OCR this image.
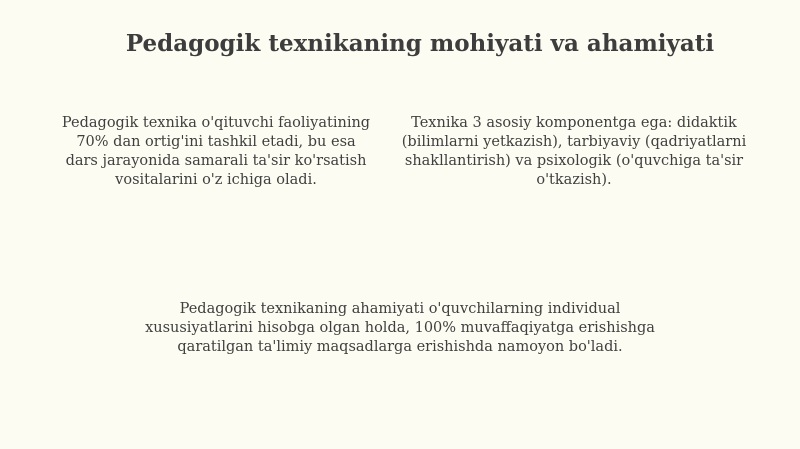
Pedagogik texnikaning mohiyati va ahamiyati

Pedagogik texnika o'qituvchi faoliyatining 70% dan ortig'ini tashkil etadi, bu esa dars jarayonida samarali ta'sir ko'rsatish vositalarini o'z ichiga oladi.

Texnika 3 asosiy komponentga ega: didaktik (bilimlarni yetkazish), tarbiyaviy (qadriyatlarni shakllantirish) va psixologik (o'quvchiga ta'sir o'tkazish).

Pedagogik texnikaning ahamiyati o'quvchilarning individual xususiyatlarini hisobga olgan holda, 100% muvaffaqiyatga erishishga qaratilgan ta'limiy maqsadlarga erishishda namoyon bo'ladi.
